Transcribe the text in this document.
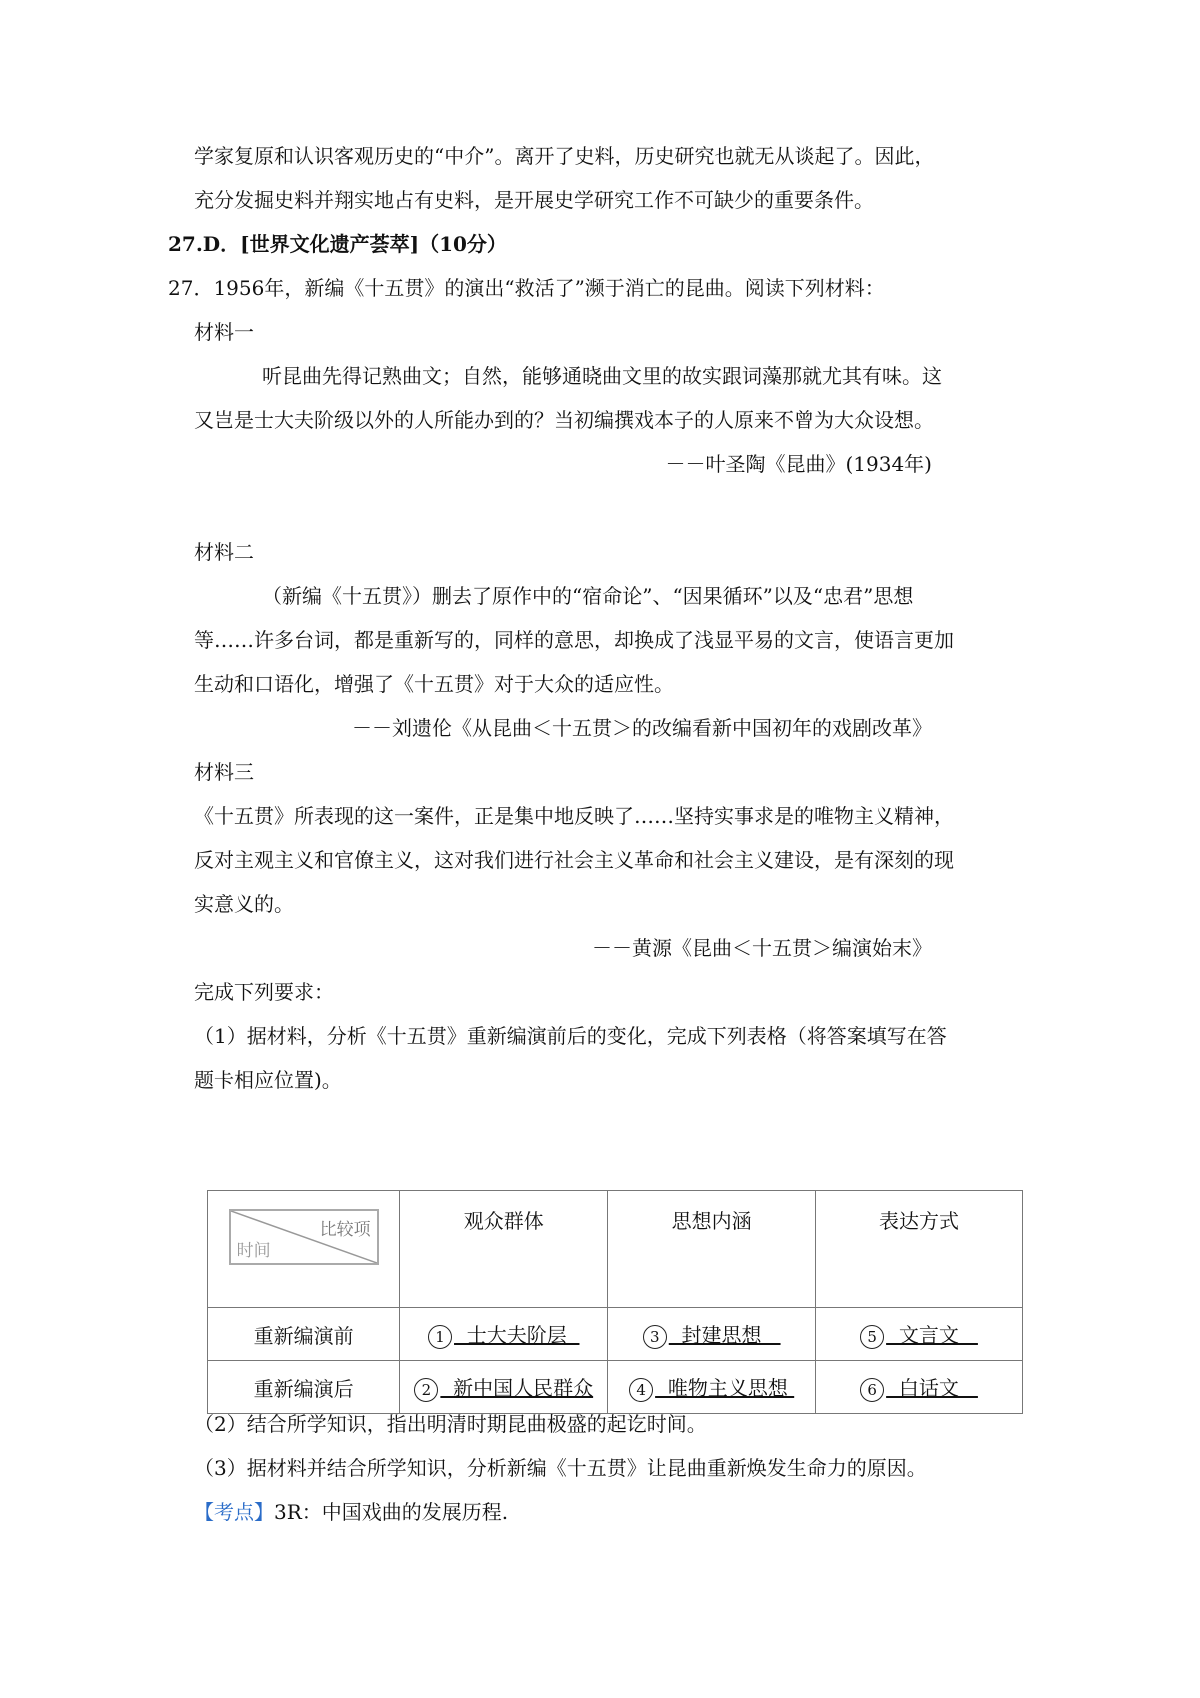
学家复原和认识客观历史的“中介”。离开了史料，历史研究也就无从谈起了。因此，
充分发掘史料并翔实地占有史料，是开展史学研究工作不可缺少的重要条件。
27.D．[世界文化遗产荟萃]（10分）
27．1956年，新编《十五贯》的演出“救活了”濒于消亡的昆曲。阅读下列材料：
材料一
听昆曲先得记熟曲文；自然，能够通晓曲文里的故实跟词藻那就尤其有味。这
又岂是士大夫阶级以外的人所能办到的？当初编撰戏本子的人原来不曾为大众设想。
－－叶圣陶《昆曲》(1934年)
材料二
（新编《十五贯》）删去了原作中的“宿命论”、“因果循环”以及“忠君”思想
等……许多台词，都是重新写的，同样的意思，却换成了浅显平易的文言，使语言更加
生动和口语化，增强了《十五贯》对于大众的适应性。
－－刘遗伦《从昆曲＜十五贯＞的改编看新中国初年的戏剧改革》
材料三
《十五贯》所表现的这一案件，正是集中地反映了……坚持实事求是的唯物主义精神，
反对主观主义和官僚主义，这对我们进行社会主义革命和社会主义建设，是有深刻的现
实意义的。
－－黄源《昆曲＜十五贯＞编演始末》
完成下列要求：
（1）据材料，分析《十五贯》重新编演前后的变化，完成下列表格（将答案填写在答
题卡相应位置)。
比较项
时间	观众群体	思想内涵	表达方式
重新编演前	1  士大夫阶层	3  封建思想	5  文言文
重新编演后	2  新中国人民群众	4  唯物主义思想	6  白话文
（2）结合所学知识，指出明清时期昆曲极盛的起讫时间。
（3）据材料并结合所学知识，分析新编《十五贯》让昆曲重新焕发生命力的原因。
【考点】3R：中国戏曲的发展历程.
